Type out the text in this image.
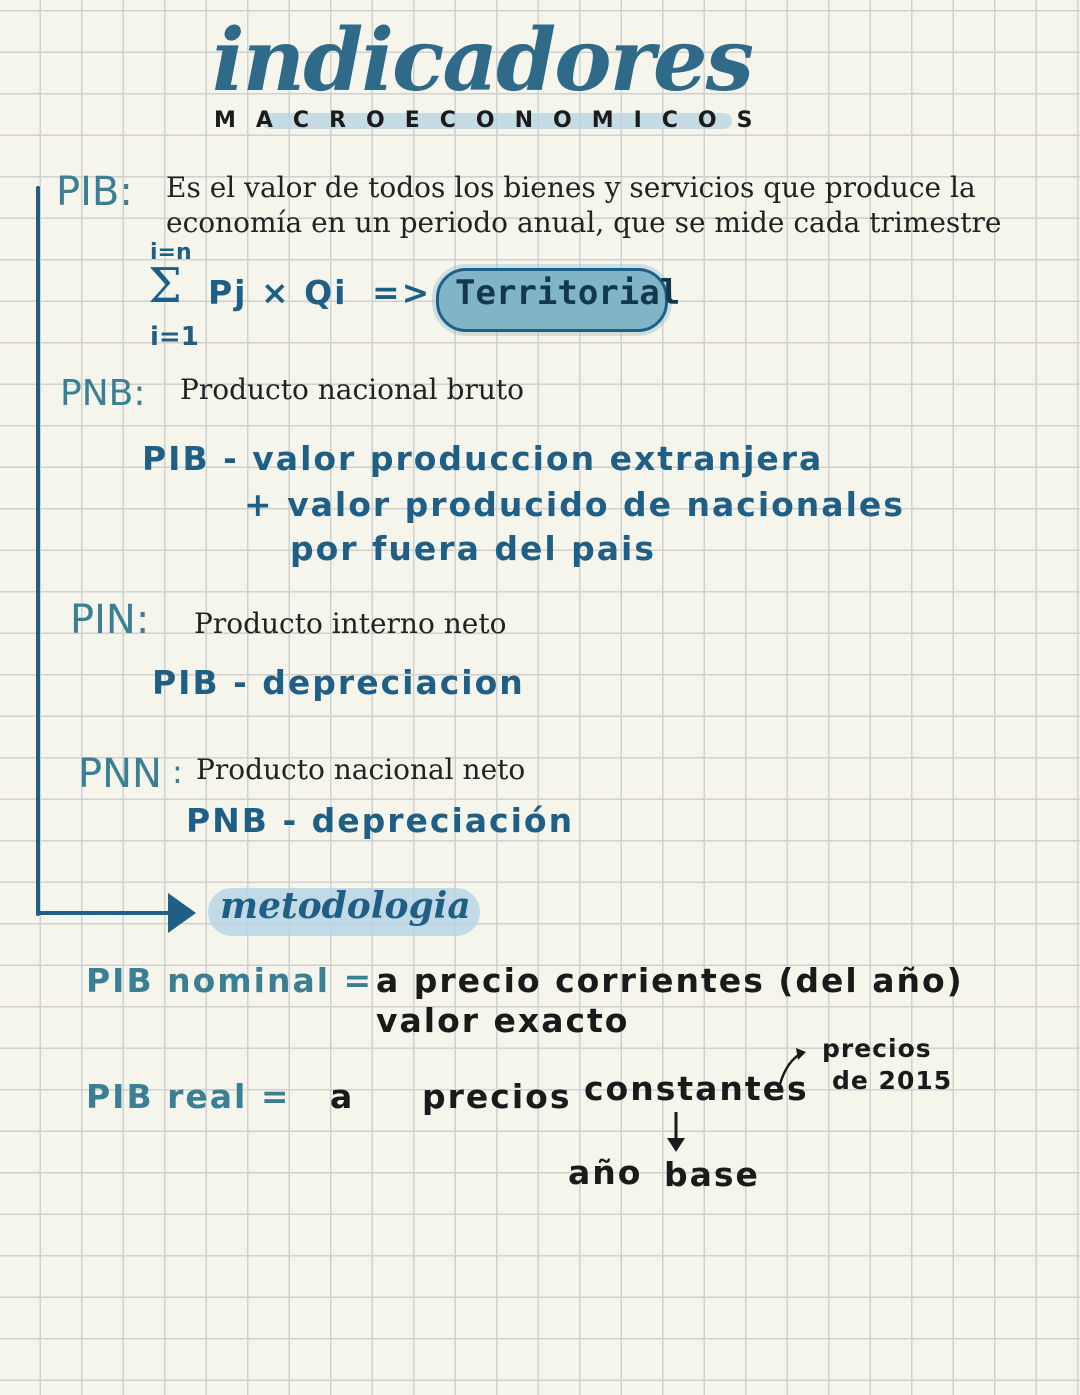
indicadores
MACROECONOMICOS
PIB: Es el valor de todos los bienes y servicios que produce la
economía en un periodo anual, que se mide cada trimestre
i=n
Σ Pj × Qi =>
i=1
Territorial
PNB: Producto nacional bruto
PIB - valor produccion extranjera
+ valor producido de nacionales
por fuera del pais
PIN: Producto interno neto
PIB - depreciacion
PNN : Producto nacional neto
PNB - depreciación
metodologia
PIB nominal = a precio corrientes (del año)
valor exacto
PIB real = a precios constantes
precios
de 2015
año base
